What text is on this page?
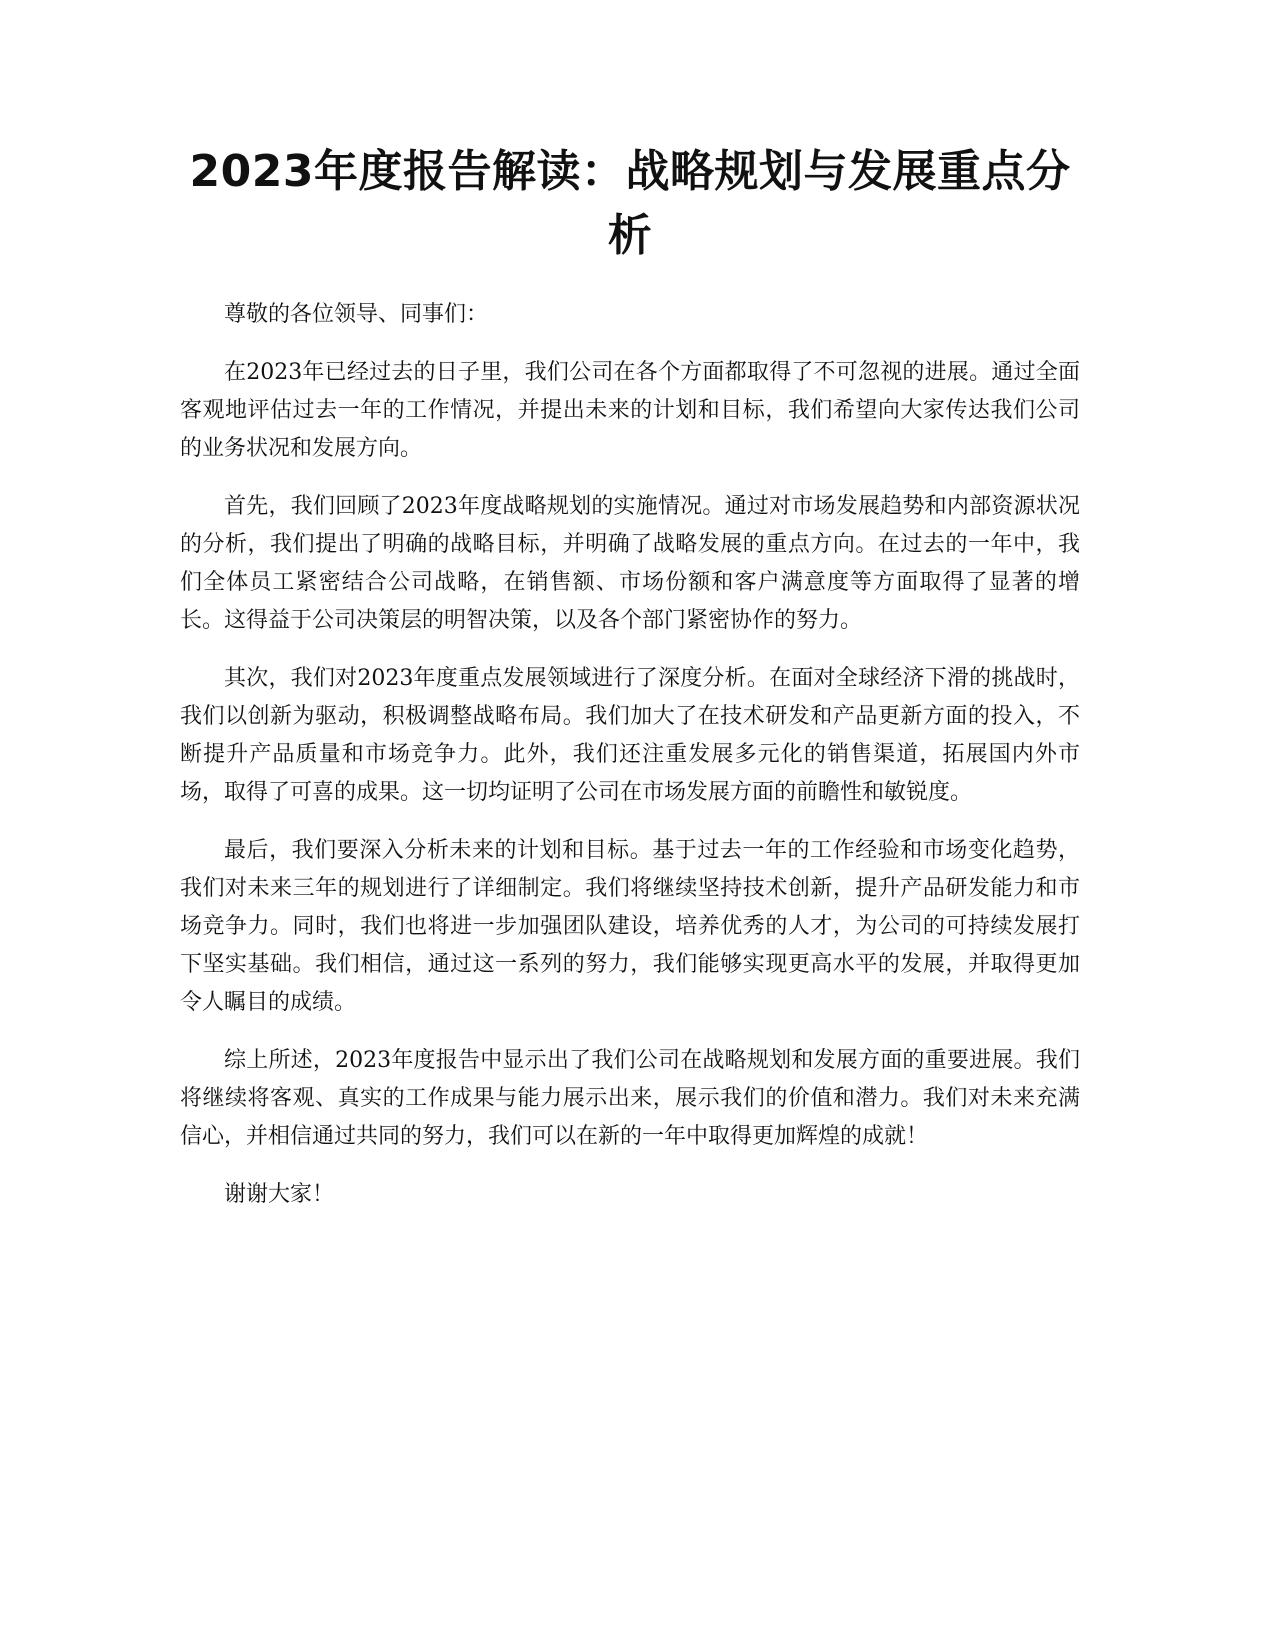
2023年度报告解读：战略规划与发展重点分析

尊敬的各位领导、同事们：

在2023年已经过去的日子里，我们公司在各个方面都取得了不可忽视的进展。通过全面客观地评估过去一年的工作情况，并提出未来的计划和目标，我们希望向大家传达我们公司的业务状况和发展方向。

首先，我们回顾了2023年度战略规划的实施情况。通过对市场发展趋势和内部资源状况的分析，我们提出了明确的战略目标，并明确了战略发展的重点方向。在过去的一年中，我们全体员工紧密结合公司战略，在销售额、市场份额和客户满意度等方面取得了显著的增长。这得益于公司决策层的明智决策，以及各个部门紧密协作的努力。

其次，我们对2023年度重点发展领域进行了深度分析。在面对全球经济下滑的挑战时，我们以创新为驱动，积极调整战略布局。我们加大了在技术研发和产品更新方面的投入，不断提升产品质量和市场竞争力。此外，我们还注重发展多元化的销售渠道，拓展国内外市场，取得了可喜的成果。这一切均证明了公司在市场发展方面的前瞻性和敏锐度。

最后，我们要深入分析未来的计划和目标。基于过去一年的工作经验和市场变化趋势，我们对未来三年的规划进行了详细制定。我们将继续坚持技术创新，提升产品研发能力和市场竞争力。同时，我们也将进一步加强团队建设，培养优秀的人才，为公司的可持续发展打下坚实基础。我们相信，通过这一系列的努力，我们能够实现更高水平的发展，并取得更加令人瞩目的成绩。

综上所述，2023年度报告中显示出了我们公司在战略规划和发展方面的重要进展。我们将继续将客观、真实的工作成果与能力展示出来，展示我们的价值和潜力。我们对未来充满信心，并相信通过共同的努力，我们可以在新的一年中取得更加辉煌的成就！

谢谢大家！
